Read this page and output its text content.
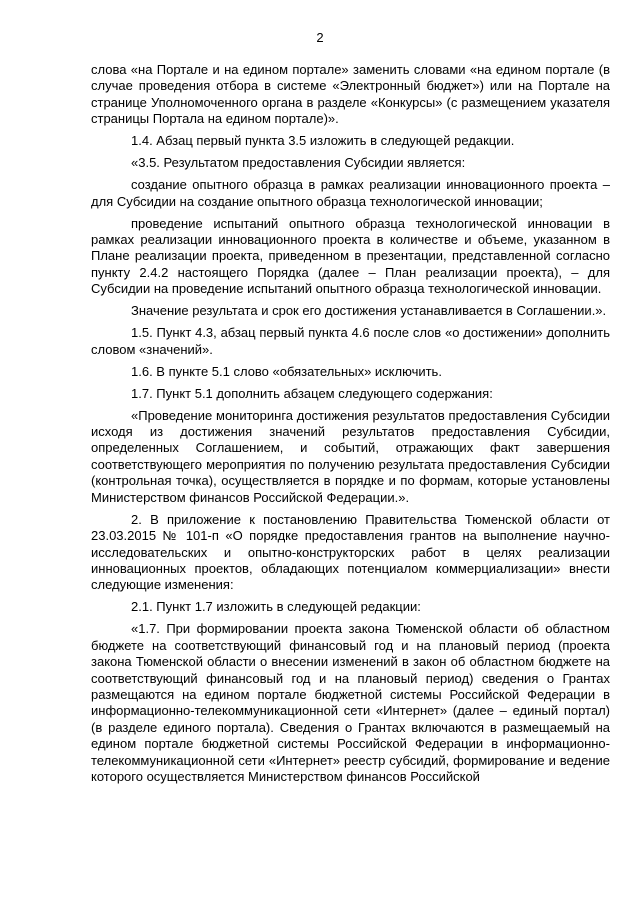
2

слова «на Портале и на едином портале» заменить словами «на едином портале (в случае проведения отбора в системе «Электронный бюджет») или на Портале на странице Уполномоченного органа в разделе «Конкурсы» (с размещением указателя страницы Портала на едином портале)».

1.4. Абзац первый пункта 3.5 изложить в следующей редакции.

«3.5. Результатом предоставления Субсидии является:

создание опытного образца в рамках реализации инновационного проекта – для Субсидии на создание опытного образца технологической инновации;

проведение испытаний опытного образца технологической инновации в рамках реализации инновационного проекта в количестве и объеме, указанном в Плане реализации проекта, приведенном в презентации, представленной согласно пункту 2.4.2 настоящего Порядка (далее – План реализации проекта), – для Субсидии на проведение испытаний опытного образца технологической инновации.

Значение результата и срок его достижения устанавливается в Соглашении.».

1.5. Пункт 4.3, абзац первый пункта 4.6 после слов «о достижении» дополнить словом «значений».

1.6. В пункте 5.1 слово «обязательных» исключить.

1.7. Пункт 5.1 дополнить абзацем следующего содержания:

«Проведение мониторинга достижения результатов предоставления Субсидии исходя из достижения значений результатов предоставления Субсидии, определенных Соглашением, и событий, отражающих факт завершения соответствующего мероприятия по получению результата предоставления Субсидии (контрольная точка), осуществляется в порядке и по формам, которые установлены Министерством финансов Российской Федерации.».

2. В приложение к постановлению Правительства Тюменской области от 23.03.2015 № 101-п «О порядке предоставления грантов на выполнение научно-исследовательских и опытно-конструкторских работ в целях реализации инновационных проектов, обладающих потенциалом коммерциализации» внести следующие изменения:

2.1. Пункт 1.7 изложить в следующей редакции:

«1.7. При формировании проекта закона Тюменской области об областном бюджете на соответствующий финансовый год и на плановый период (проекта закона Тюменской области о внесении изменений в закон об областном бюджете на соответствующий финансовый год и на плановый период) сведения о Грантах размещаются на едином портале бюджетной системы Российской Федерации в информационно-телекоммуникационной сети «Интернет» (далее – единый портал) (в разделе единого портала). Сведения о Грантах включаются в размещаемый на едином портале бюджетной системы Российской Федерации в информационно-телекоммуникационной сети «Интернет» реестр субсидий, формирование и ведение которого осуществляется Министерством финансов Российской
